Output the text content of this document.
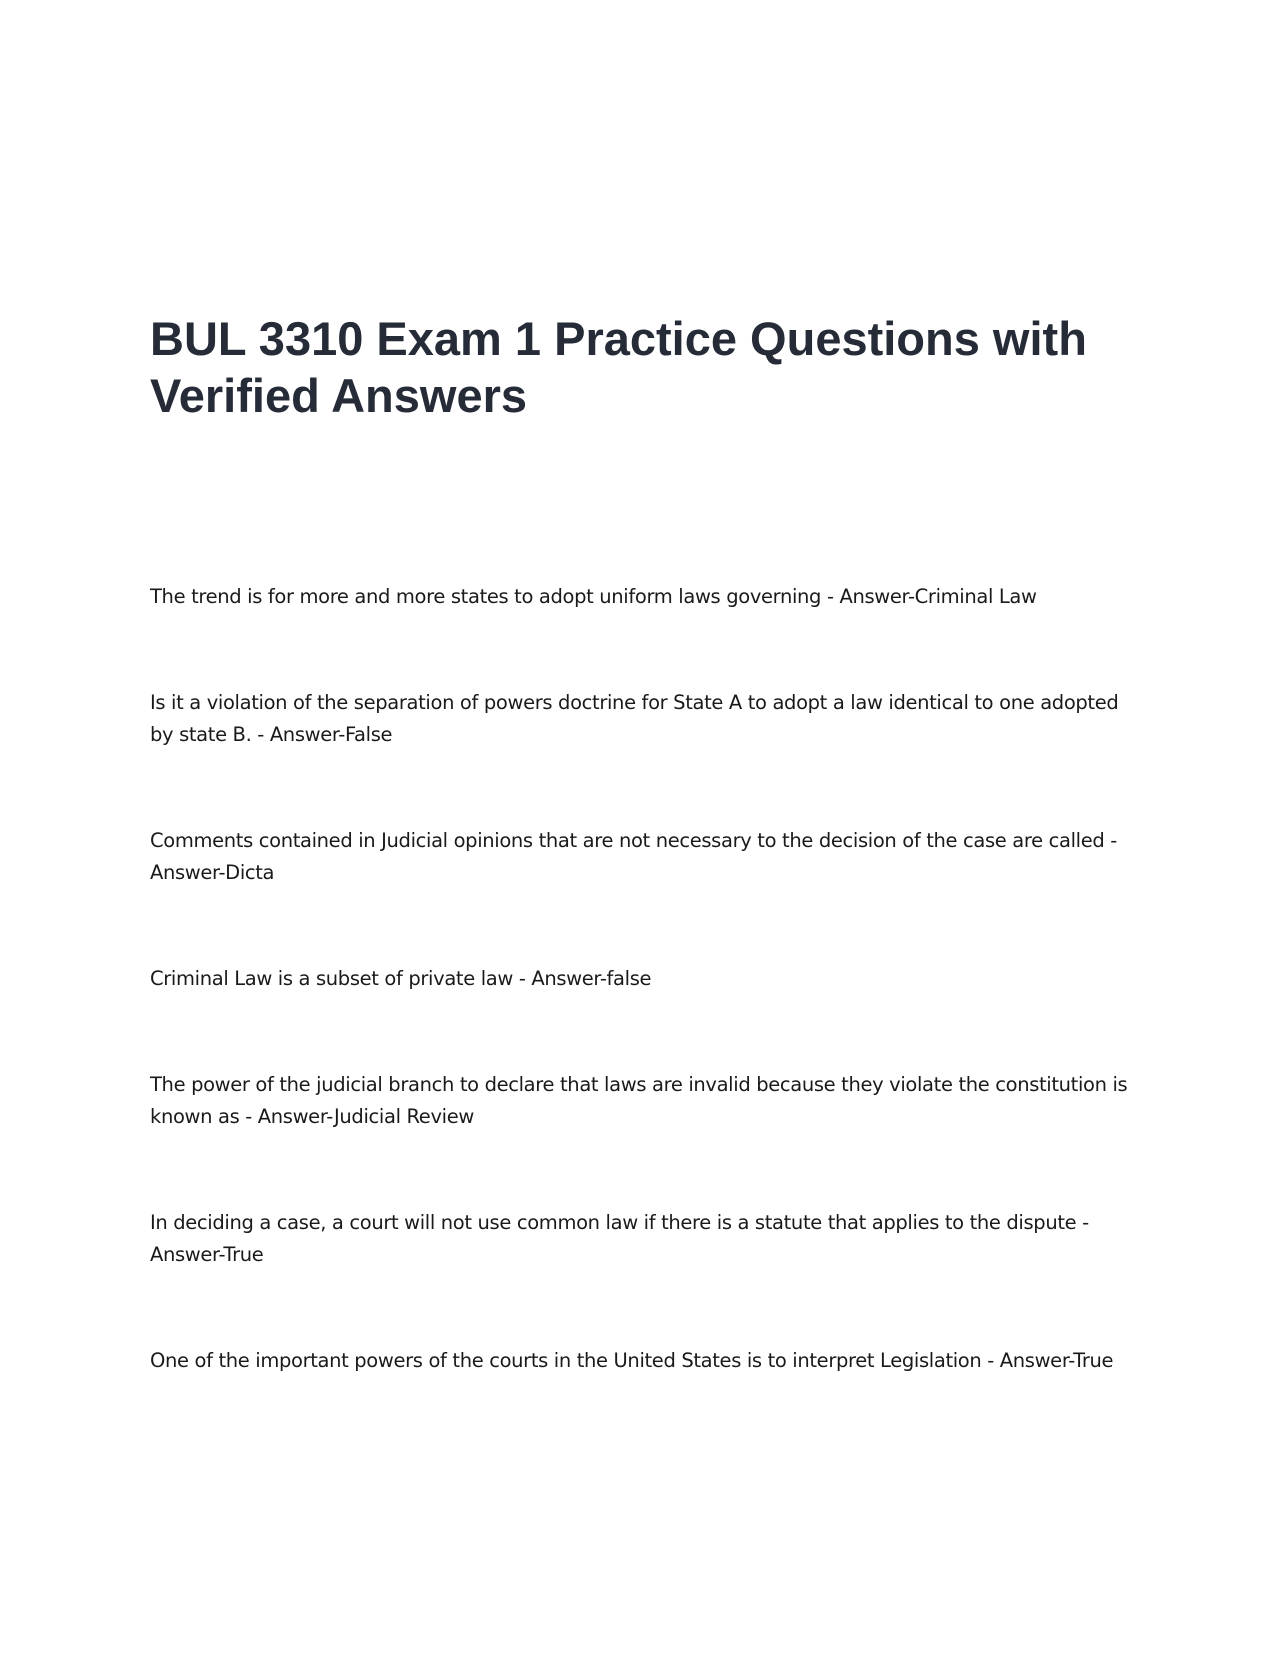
BUL 3310 Exam 1 Practice Questions with Verified Answers

The trend is for more and more states to adopt uniform laws governing - Answer-Criminal Law

Is it a violation of the separation of powers doctrine for State A to adopt a law identical to one adopted
by state B. - Answer-False

Comments contained in Judicial opinions that are not necessary to the decision of the case are called -
Answer-Dicta

Criminal Law is a subset of private law - Answer-false

The power of the judicial branch to declare that laws are invalid because they violate the constitution is
known as - Answer-Judicial Review

In deciding a case, a court will not use common law if there is a statute that applies to the dispute -
Answer-True

One of the important powers of the courts in the United States is to interpret Legislation - Answer-True
